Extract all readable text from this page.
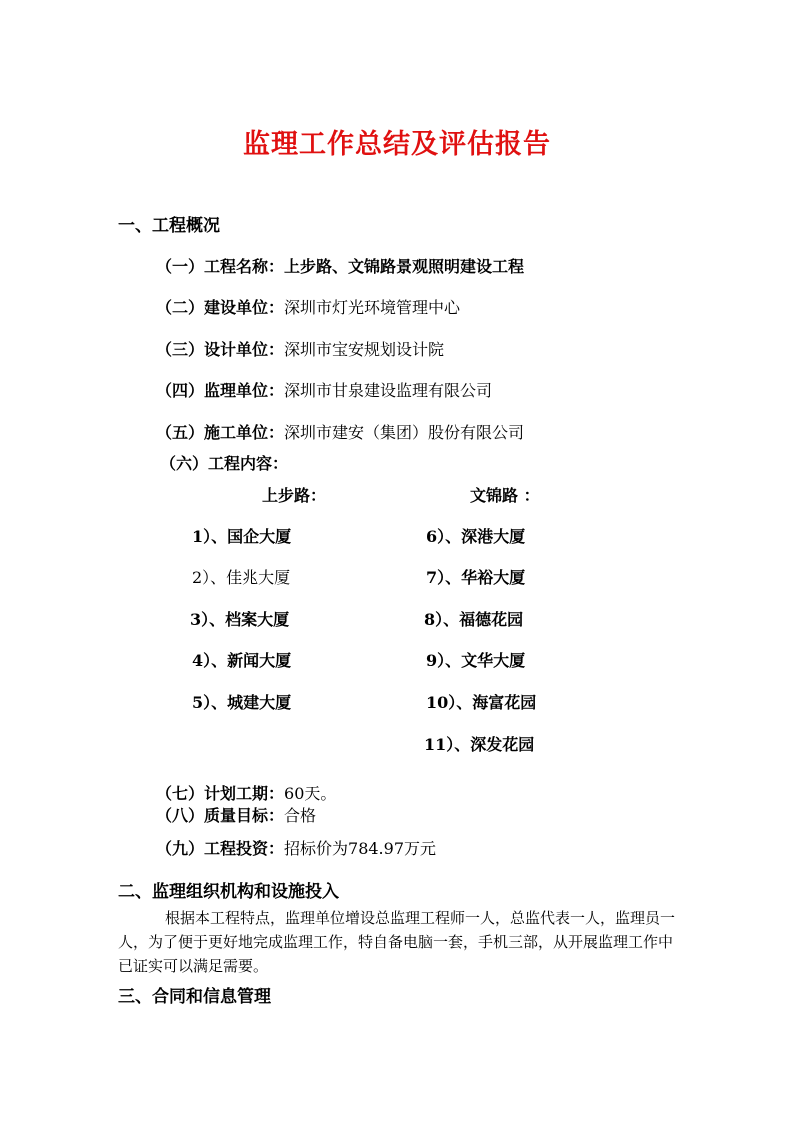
监理工作总结及评估报告
一、工程概况
（一）工程名称：上步路、文锦路景观照明建设工程
（二）建设单位：深圳市灯光环境管理中心
（三）设计单位：深圳市宝安规划设计院
（四）监理单位：深圳市甘泉建设监理有限公司
（五）施工单位：深圳市建安（集团）股份有限公司
（六）工程内容：
上步路：	文锦路 ：
1）、国企大厦
2）、佳兆大厦
3）、档案大厦
4）、新闻大厦
5）、城建大厦
6）、深港大厦
7）、华裕大厦
8）、福德花园
9）、文华大厦
10）、海富花园
11）、深发花园
（七）计划工期：60天。
（八）质量目标：合格
（九）工程投资：招标价为784.97万元
二、监理组织机构和设施投入
根据本工程特点，监理单位增设总监理工程师一人，总监代表一人，监理员一人，为了便于更好地完成监理工作，特自备电脑一套，手机三部，从开展监理工作中已证实可以满足需要。
三、合同和信息管理
